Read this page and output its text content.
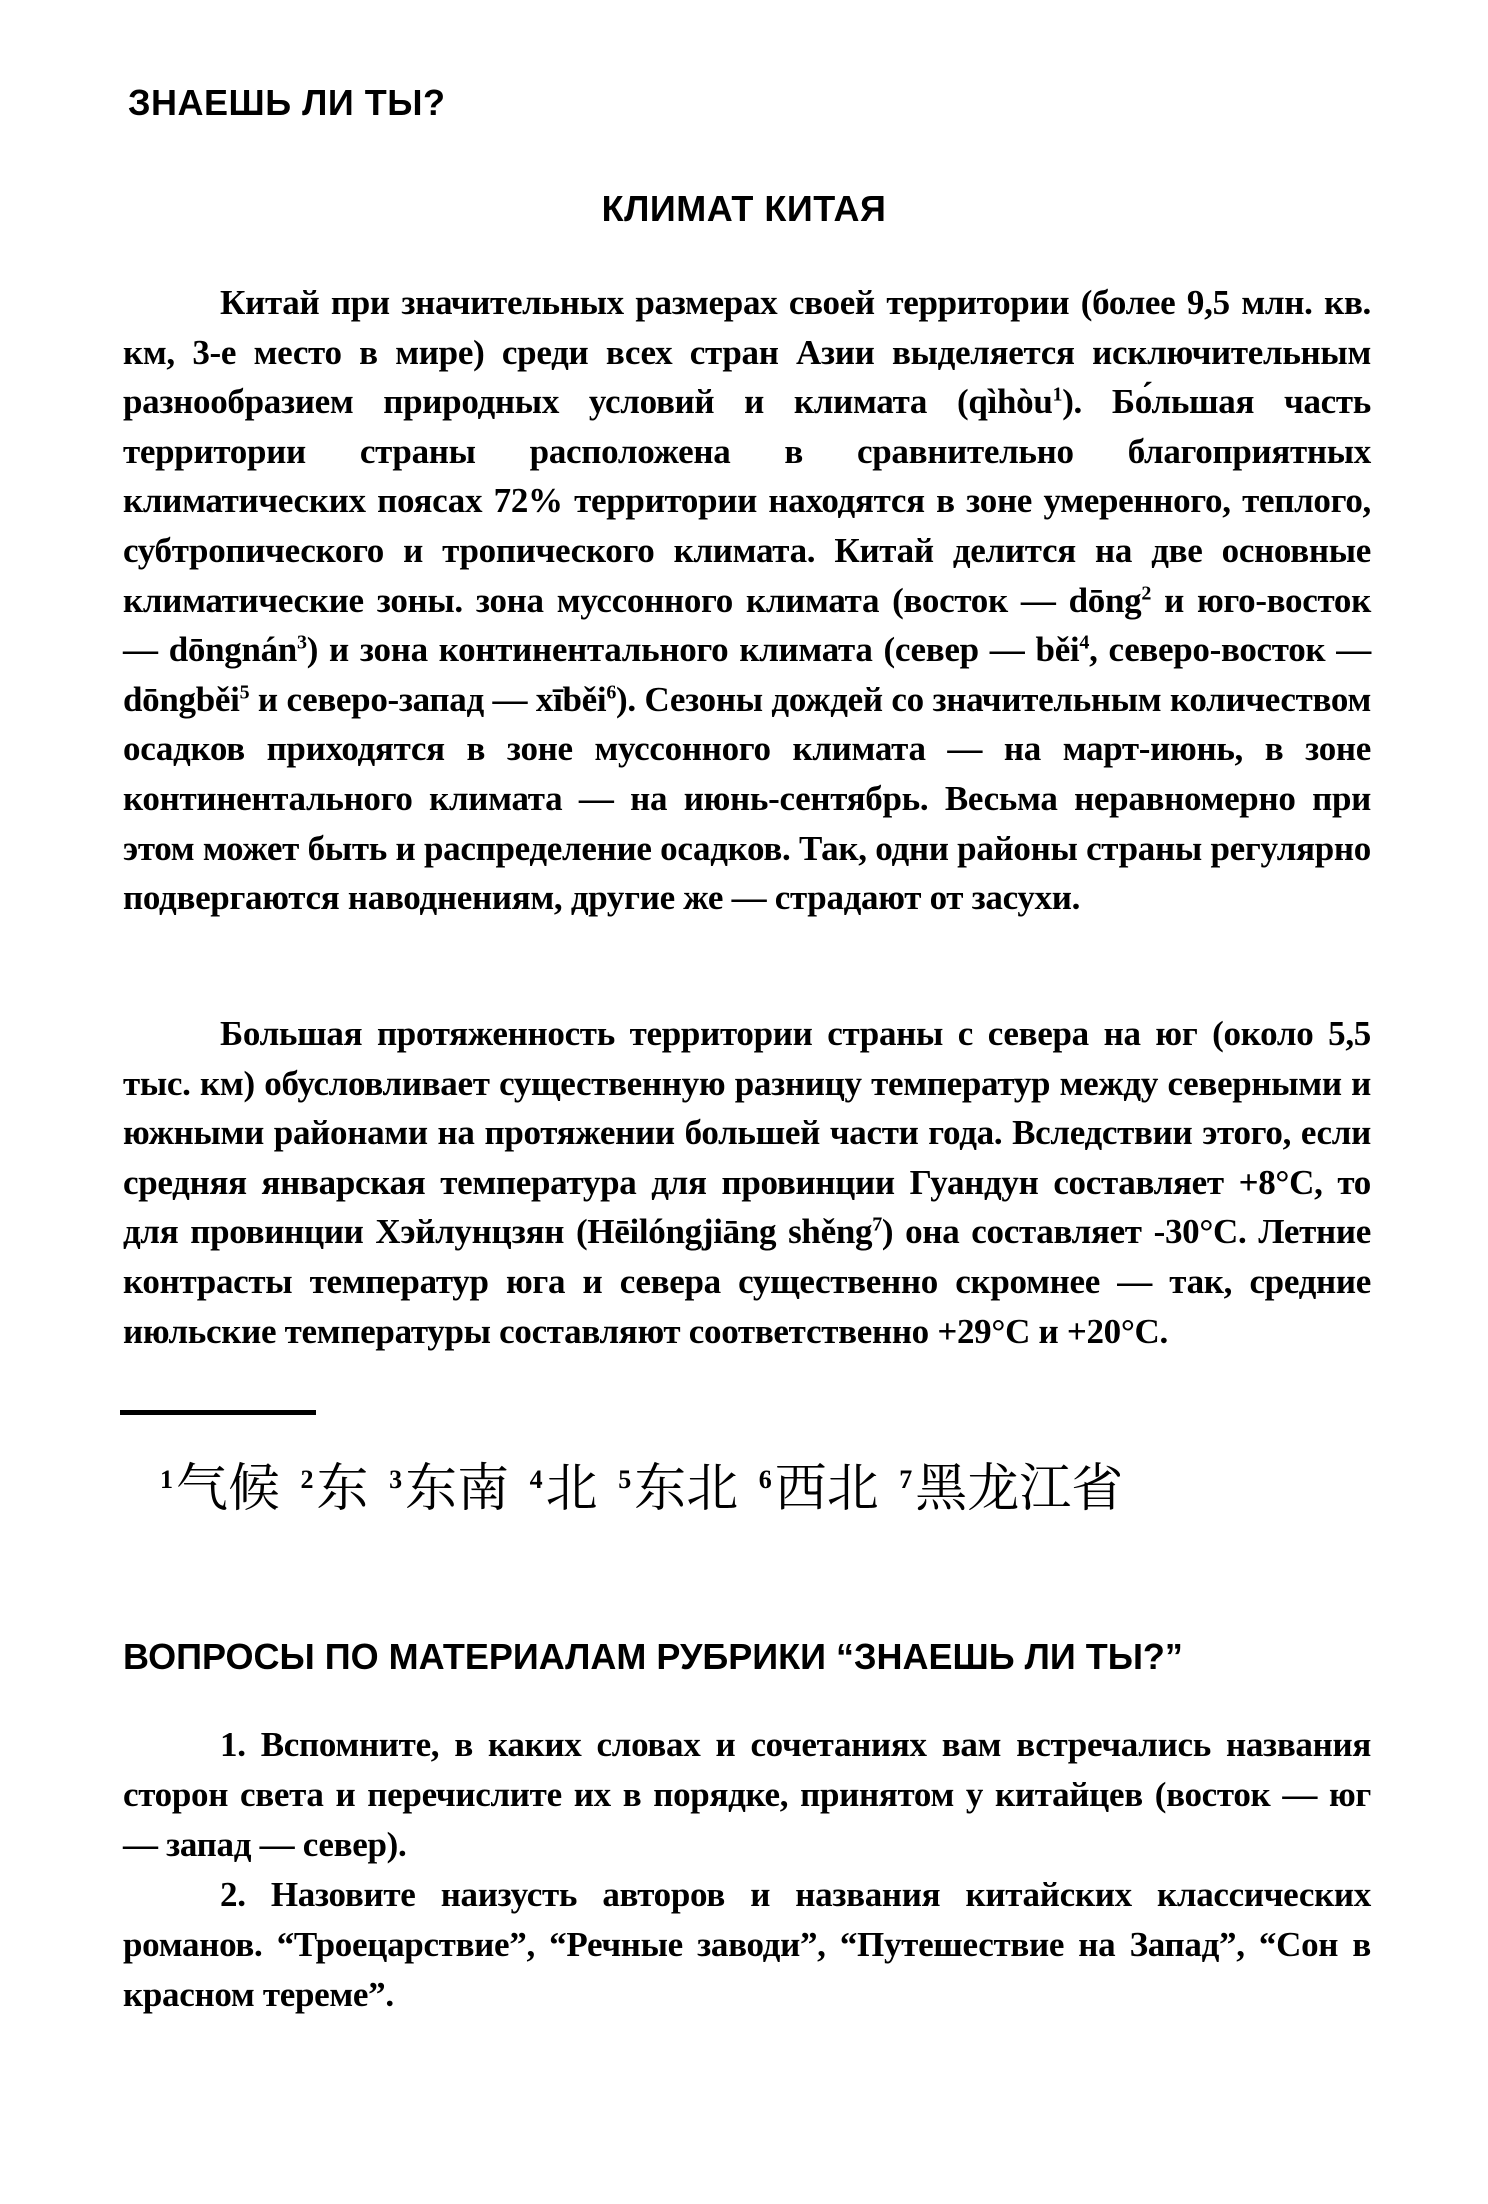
ЗНАЕШЬ ЛИ ТЫ?
КЛИМАТ КИТАЯ

Китай при значительных размерах своей территории (более 9,5 млн. кв. км, 3-е место в мире) среди всех стран Азии выделяется исключительным разнообразием природных условий и климата (qìhòu$^1$). Бо́льшая часть территории страны расположена в сравнительно благоприятных климатических поясах 72% территории находятся в зоне умеренного, теплого, субтропического и тропического климата. Китай делится на две основные климатические зоны. зона муссонного климата (восток — dōng$^2$ и юго-восток — dōngnán$^3$) и зона континентального климата (север — běi$^4$, северо-восток — dōngběi$^5$ и северо-запад — xīběi$^6$). Сезоны дождей со значительным количеством осадков приходятся в зоне муссонного климата — на март-июнь, в зоне континентального климата — на июнь-сентябрь. Весьма неравномерно при этом может быть и распределение осадков. Так, одни районы страны регулярно подвергаются наводнениям, другие же — страдают от засухи.

Большая протяженность территории страны с севера на юг (около 5,5 тыс. км) обусловливает существенную разницу температур между северными и южными районами на протяжении большей части года. Вследствии этого, если средняя январская температура для провинции Гуандун составляет +8°С, то для провинции Хэйлунцзян (Hēilóngjiāng shěng$^7$) она составляет -30°С. Летние контрасты температур юга и севера существенно скромнее — так, средние июльские температуры составляют соответственно +29°С и +20°С.

$^1$气候 $^2$东 $^3$东南 $^4$北 $^5$东北 $^6$西北 $^7$黑龙江省
ВОПРОСЫ ПО МАТЕРИАЛАМ РУБРИКИ “ЗНАЕШЬ ЛИ ТЫ?”

1. Вспомните, в каких словах и сочетаниях вам встречались названия сторон света и перечислите их в порядке, принятом у китайцев (восток — юг — запад — север).

2. Назовите наизусть авторов и названия китайских классических романов. “Троецарствие”, “Речные заводи”, “Путешествие на Запад”, “Сон в красном тереме”.
